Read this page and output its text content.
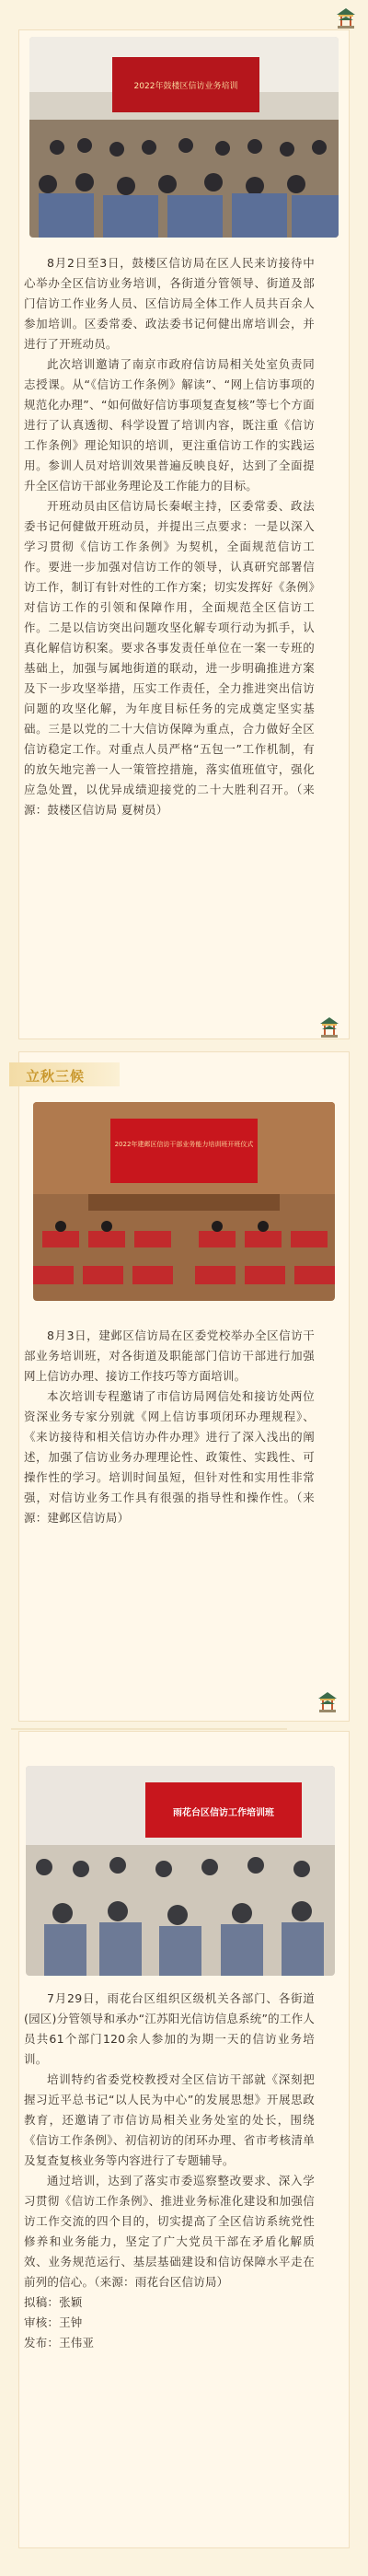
2022年鼓楼区信访业务培训

8月2日至3日，鼓楼区信访局在区人民来访接待中心举办全区信访业务培训，各街道分管领导、街道及部门信访工作业务人员、区信访局全体工作人员共百余人参加培训。区委常委、政法委书记何健出席培训会，并进行了开班动员。

此次培训邀请了南京市政府信访局相关处室负责同志授课。从“《信访工作条例》解读”、“网上信访事项的规范化办理”、“如何做好信访事项复查复核”等七个方面进行了认真透彻、科学设置了培训内容，既注重《信访工作条例》理论知识的培训，更注重信访工作的实践运用。参训人员对培训效果普遍反映良好，达到了全面提升全区信访干部业务理论及工作能力的目标。

开班动员由区信访局长秦岷主持，区委常委、政法委书记何健做开班动员，并提出三点要求：一是以深入学习贯彻《信访工作条例》为契机，全面规范信访工作。要进一步加强对信访工作的领导，认真研究部署信访工作，制订有针对性的工作方案；切实发挥好《条例》对信访工作的引领和保障作用，全面规范全区信访工作。二是以信访突出问题攻坚化解专项行动为抓手，认真化解信访积案。要求各事发责任单位在一案一专班的基础上，加强与属地街道的联动，进一步明确推进方案及下一步攻坚举措，压实工作责任，全力推进突出信访问题的攻坚化解，为年度目标任务的完成奠定坚实基础。三是以党的二十大信访保障为重点，合力做好全区信访稳定工作。对重点人员严格“五包一”工作机制，有的放矢地完善一人一策管控措施，落实值班值守，强化应急处置，以优异成绩迎接党的二十大胜利召开。（来源：鼓楼区信访局 夏树员）

立秋三候
2022年建邺区信访干部业务能力培训班开班仪式

8月3日，建邺区信访局在区委党校举办全区信访干部业务培训班，对各街道及职能部门信访干部进行加强网上信访办理、接访工作技巧等方面培训。

本次培训专程邀请了市信访局网信处和接访处两位资深业务专家分别就《网上信访事项闭环办理规程》、《来访接待和相关信访办件办理》进行了深入浅出的阐述，加强了信访业务办理理论性、政策性、实践性、可操作性的学习。培训时间虽短，但针对性和实用性非常强，对信访业务工作具有很强的指导性和操作性。（来源：建邺区信访局）

雨花台区信访工作培训班

7月29日，雨花台区组织区级机关各部门、各街道(园区)分管领导和承办“江苏阳光信访信息系统”的工作人员共61个部门120余人参加的为期一天的信访业务培训。

培训特约省委党校教授对全区信访干部就《深刻把握习近平总书记“以人民为中心”的发展思想》开展思政教育，还邀请了市信访局相关业务处室的处长，围绕《信访工作条例》、初信初访的闭环办理、省市考核清单及复查复核业务等内容进行了专题辅导。

通过培训，达到了落实市委巡察整改要求、深入学习贯彻《信访工作条例》、推进业务标准化建设和加强信访工作交流的四个目的，切实提高了全区信访系统党性修养和业务能力，坚定了广大党员干部在矛盾化解质效、业务规范运行、基层基础建设和信访保障水平走在前列的信心。（来源：雨花台区信访局）

拟稿：张颖

审核：王钟

发布：王伟亚
